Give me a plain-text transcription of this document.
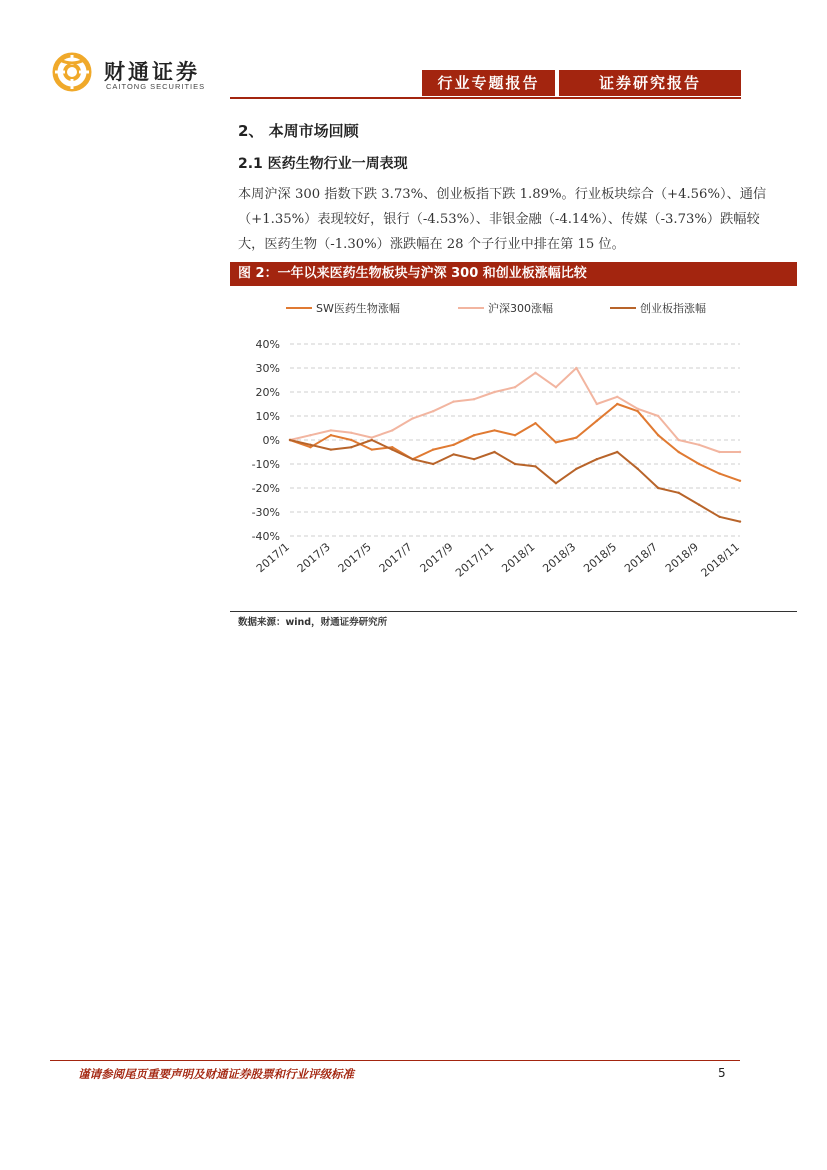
财通证券
CAITONG SECURITIES	行业专题报告	证券研究报告
2、 本周市场回顾
2.1 医药生物行业一周表现
本周沪深 300 指数下跌 3.73%、创业板指下跌 1.89%。行业板块综合（+4.56%）、通信（+1.35%）表现较好，银行（-4.53%）、非银金融（-4.14%）、传媒（-3.73%）跌幅较大，医药生物（-1.30%）涨跌幅在 28 个子行业中排在第 15 位。
图 2：一年以来医药生物板块与沪深 300 和创业板涨幅比较
SW医药生物涨幅	沪深300涨幅	创业板指涨幅
40%
30%
20%
10%
0%
-10%
-20%
-30%
-40%
2017/1 2017/3 2017/5 2017/7 2017/9
2017/11 2018/1 2018/3 2018/5 2018/7 2018/9
2018/11
数据来源：wind，财通证券研究所
谨请参阅尾页重要声明及财通证券股票和行业评级标准	5
